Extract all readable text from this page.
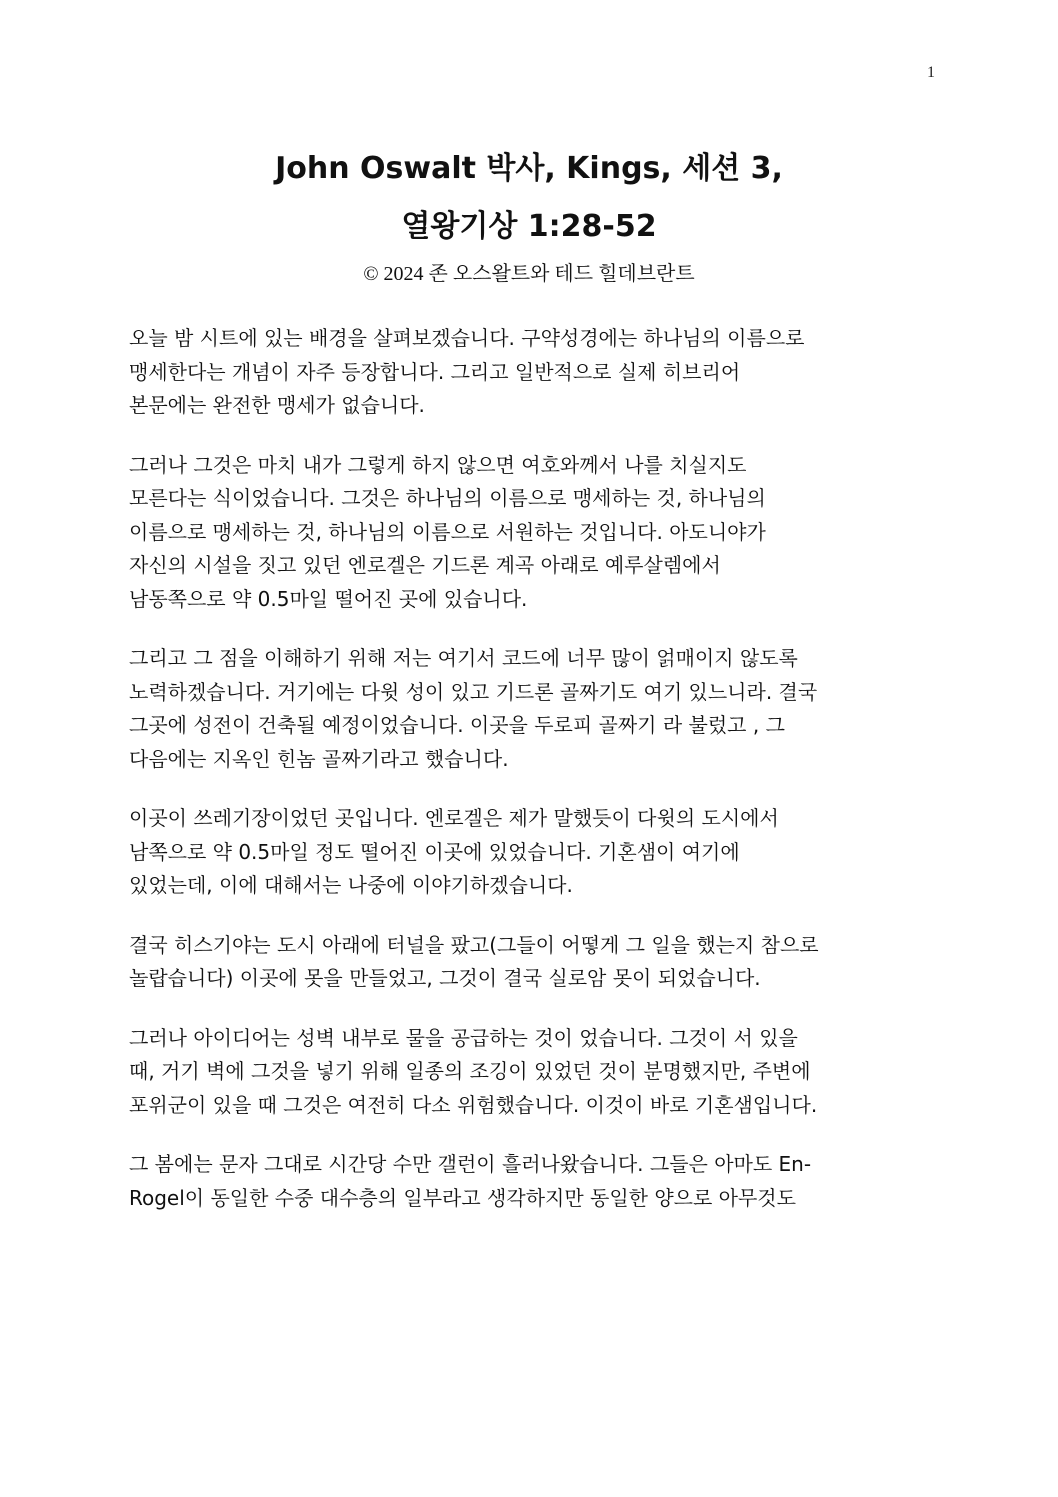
1
John Oswalt 박사, Kings, 세션 3,
열왕기상 1:28-52
© 2024 존 오스왈트와 테드 힐데브란트

오늘 밤 시트에 있는 배경을 살펴보겠습니다. 구약성경에는 하나님의 이름으로
맹세한다는 개념이 자주 등장합니다. 그리고 일반적으로 실제 히브리어
본문에는 완전한 맹세가 없습니다.

그러나 그것은 마치 내가 그렇게 하지 않으면 여호와께서 나를 치실지도
모른다는 식이었습니다. 그것은 하나님의 이름으로 맹세하는 것, 하나님의
이름으로 맹세하는 것, 하나님의 이름으로 서원하는 것입니다. 아도니야가
자신의 시설을 짓고 있던 엔로겔은 기드론 계곡 아래로 예루살렘에서
남동쪽으로 약 0.5마일 떨어진 곳에 있습니다.

그리고 그 점을 이해하기 위해 저는 여기서 코드에 너무 많이 얽매이지 않도록
노력하겠습니다. 거기에는 다윗 성이 있고 기드론 골짜기도 여기 있느니라. 결국
그곳에 성전이 건축될 예정이었습니다. 이곳을 두로피 골짜기 라 불렀고 , 그
다음에는 지옥인 힌놈 골짜기라고 했습니다.

이곳이 쓰레기장이었던 곳입니다. 엔로겔은 제가 말했듯이 다윗의 도시에서
남쪽으로 약 0.5마일 정도 떨어진 이곳에 있었습니다. 기혼샘이 여기에
있었는데, 이에 대해서는 나중에 이야기하겠습니다.

결국 히스기야는 도시 아래에 터널을 팠고(그들이 어떻게 그 일을 했는지 참으로
놀랍습니다) 이곳에 못을 만들었고, 그것이 결국 실로암 못이 되었습니다.

그러나 아이디어는 성벽 내부로 물을 공급하는 것이 었습니다. 그것이 서 있을
때, 거기 벽에 그것을 넣기 위해 일종의 조깅이 있었던 것이 분명했지만, 주변에
포위군이 있을 때 그것은 여전히 다소 위험했습니다. 이것이 바로 기혼샘입니다.

그 봄에는 문자 그대로 시간당 수만 갤런이 흘러나왔습니다. 그들은 아마도 En-
Rogel이 동일한 수중 대수층의 일부라고 생각하지만 동일한 양으로 아무것도
